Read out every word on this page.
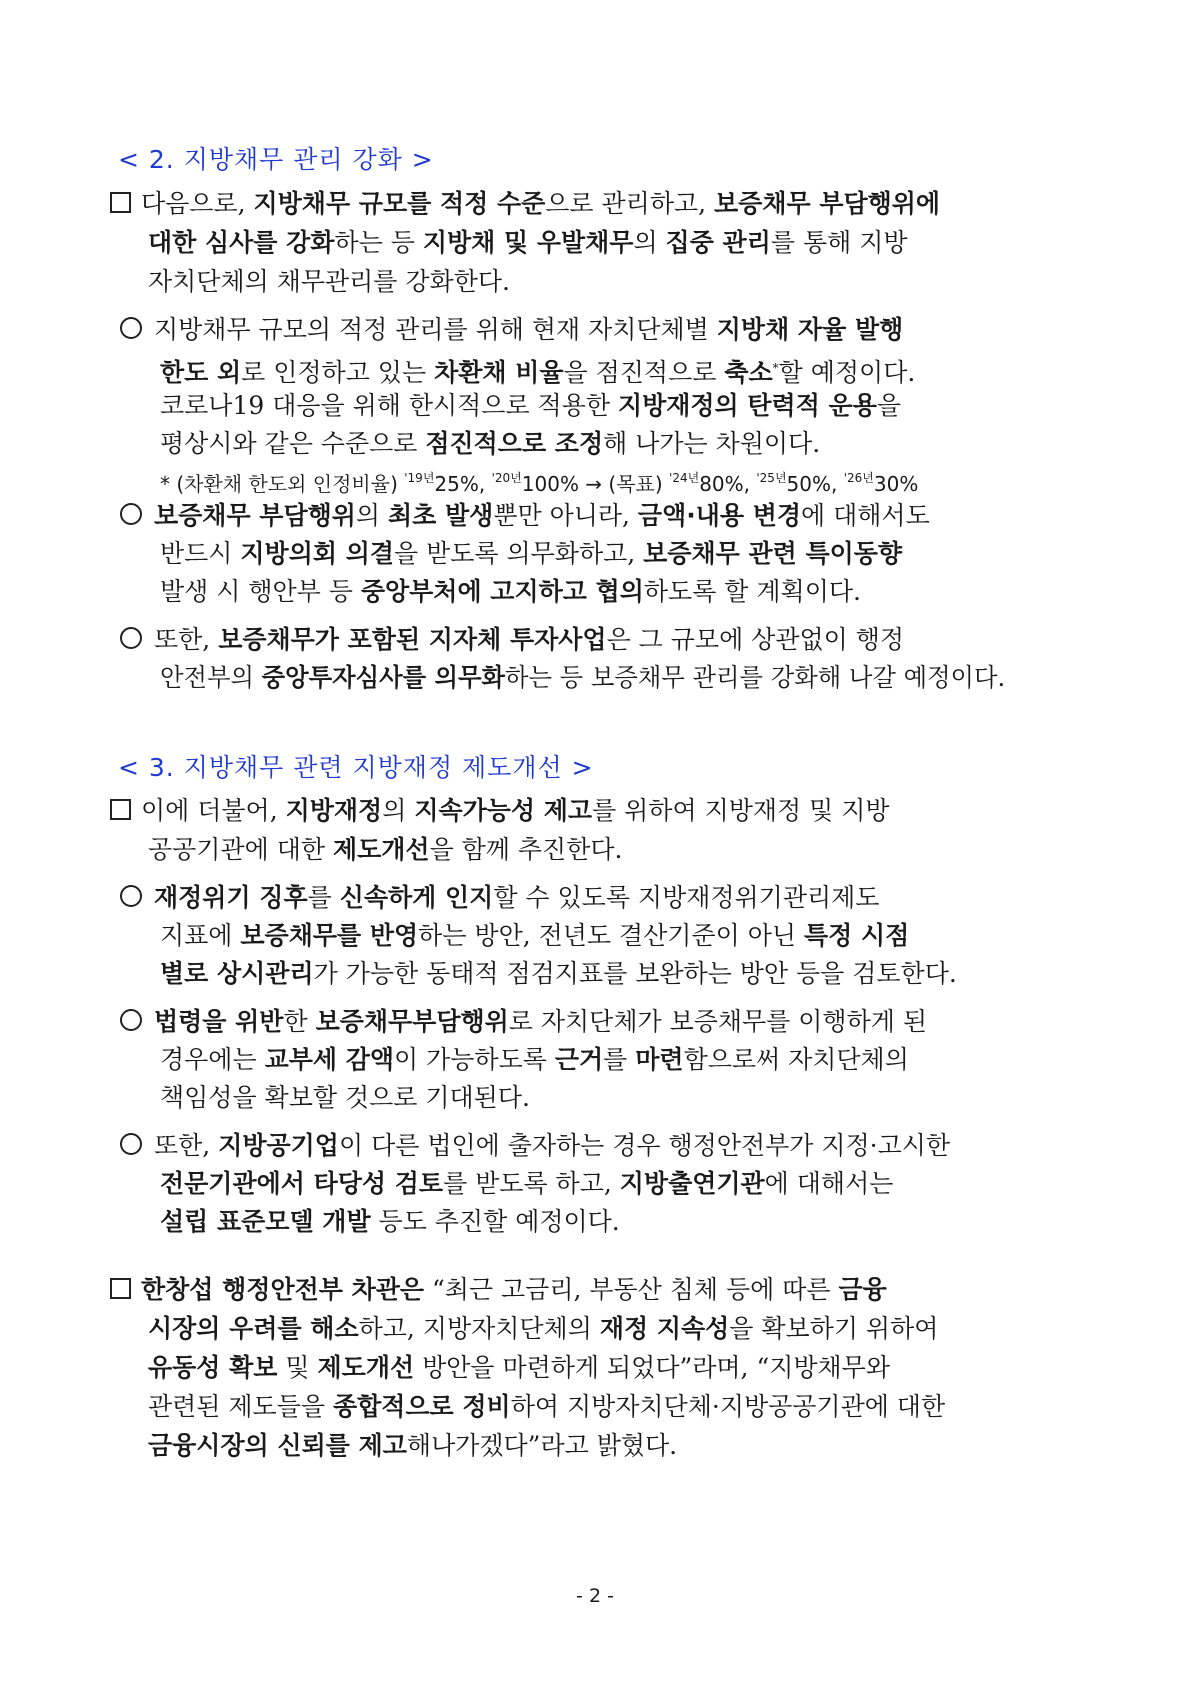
< 2. 지방채무 관리 강화 >
다음으로, 지방채무 규모를 적정 수준으로 관리하고, 보증채무 부담행위에
대한 심사를 강화하는 등 지방채 및 우발채무의 집중 관리를 통해 지방
자치단체의 채무관리를 강화한다.
지방채무 규모의 적정 관리를 위해 현재 자치단체별 지방채 자율 발행
한도 외로 인정하고 있는 차환채 비율을 점진적으로 축소*할 예정이다.
코로나19 대응을 위해 한시적으로 적용한 지방재정의 탄력적 운용을
평상시와 같은 수준으로 점진적으로 조정해 나가는 차원이다.
* (차환채 한도외 인정비율) $^{'19년}$25%, $^{'20년}$100% → (목표) $^{'24년}$80%, $^{'25년}$50%, $^{'26년}$30%
보증채무 부담행위의 최초 발생뿐만 아니라, 금액·내용 변경에 대해서도
반드시 지방의회 의결을 받도록 의무화하고, 보증채무 관련 특이동향
발생 시 행안부 등 중앙부처에 고지하고 협의하도록 할 계획이다.
또한, 보증채무가 포함된 지자체 투자사업은 그 규모에 상관없이 행정
안전부의 중앙투자심사를 의무화하는 등 보증채무 관리를 강화해 나갈 예정이다.
< 3. 지방채무 관련 지방재정 제도개선 >
이에 더불어, 지방재정의 지속가능성 제고를 위하여 지방재정 및 지방
공공기관에 대한 제도개선을 함께 추진한다.
재정위기 징후를 신속하게 인지할 수 있도록 지방재정위기관리제도
지표에 보증채무를 반영하는 방안, 전년도 결산기준이 아닌 특정 시점
별로 상시관리가 가능한 동태적 점검지표를 보완하는 방안 등을 검토한다.
법령을 위반한 보증채무부담행위로 자치단체가 보증채무를 이행하게 된
경우에는 교부세 감액이 가능하도록 근거를 마련함으로써 자치단체의
책임성을 확보할 것으로 기대된다.
또한, 지방공기업이 다른 법인에 출자하는 경우 행정안전부가 지정·고시한
전문기관에서 타당성 검토를 받도록 하고, 지방출연기관에 대해서는
설립 표준모델 개발 등도 추진할 예정이다.
한창섭 행정안전부 차관은 “최근 고금리, 부동산 침체 등에 따른 금융
시장의 우려를 해소하고, 지방자치단체의 재정 지속성을 확보하기 위하여
유동성 확보 및 제도개선 방안을 마련하게 되었다”라며, “지방채무와
관련된 제도들을 종합적으로 정비하여 지방자치단체·지방공공기관에 대한
금융시장의 신뢰를 제고해나가겠다”라고 밝혔다.
- 2 -
